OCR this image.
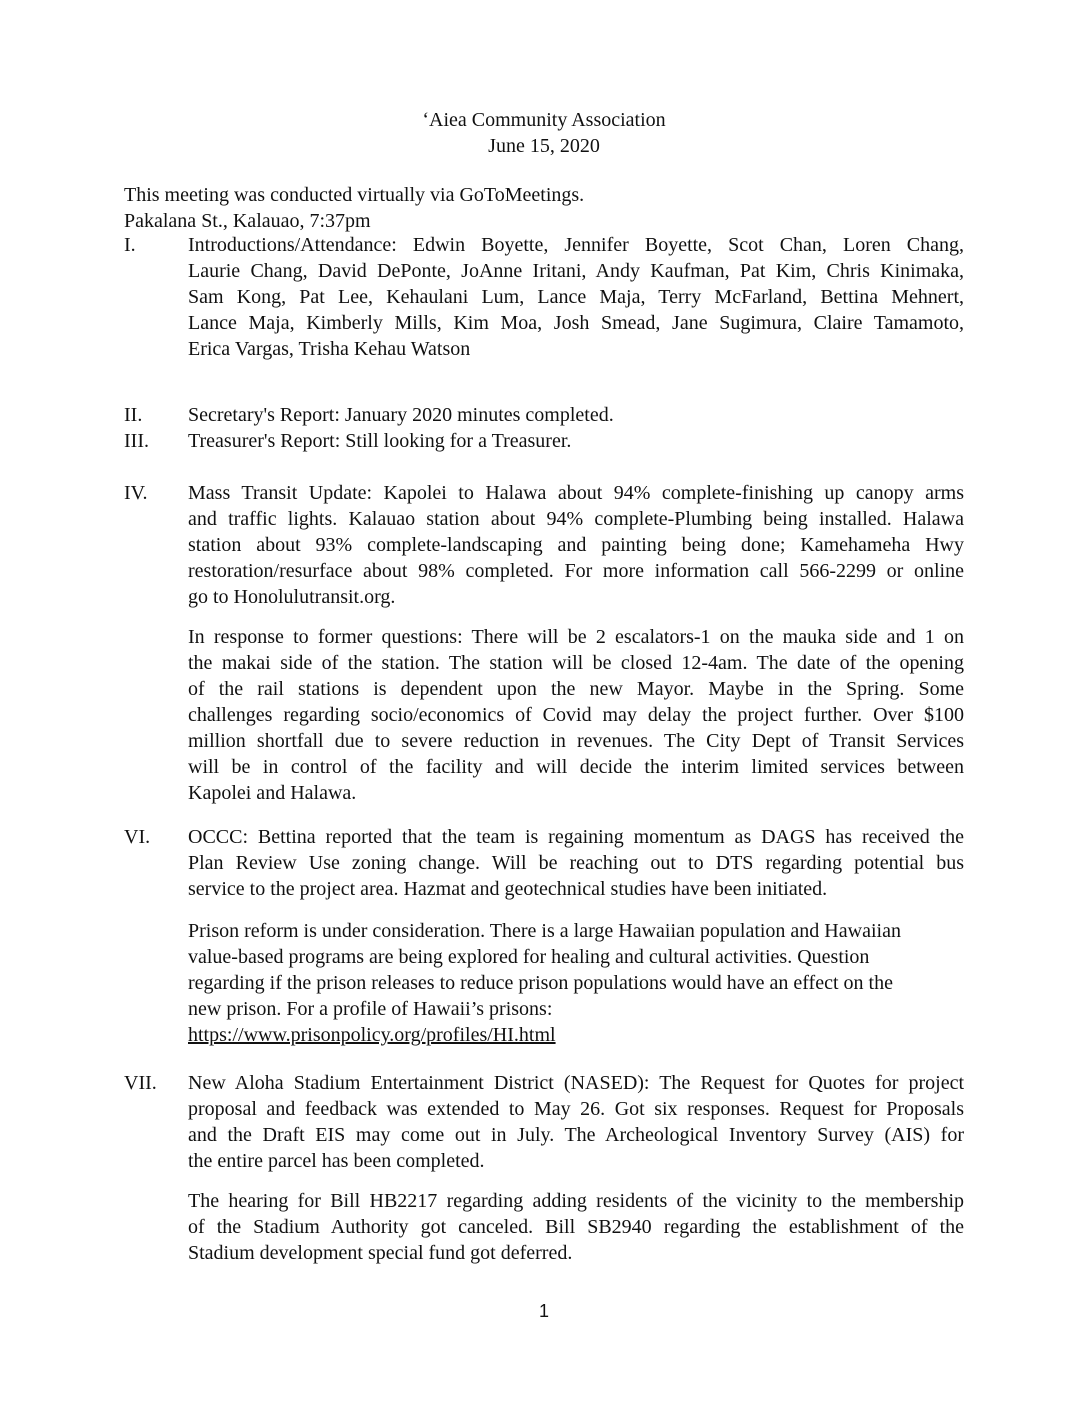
‘Aiea Community Association
June 15, 2020
This meeting was conducted virtually via GoToMeetings.
Pakalana St., Kalauao, 7:37pm
I.	Introductions/Attendance: Edwin Boyette, Jennifer Boyette, Scot Chan, Loren Chang,

Laurie Chang, David DePonte, JoAnne Iritani, Andy Kaufman, Pat Kim, Chris Kinimaka,

Sam Kong, Pat Lee, Kehaulani Lum, Lance Maja, Terry McFarland, Bettina Mehnert,

Lance Maja, Kimberly Mills, Kim Moa, Josh Smead, Jane Sugimura, Claire Tamamoto,

Erica Vargas, Trisha Kehau Watson

II.	Secretary's Report: January 2020 minutes completed.

III.	Treasurer's Report: Still looking for a Treasurer.

IV.	Mass Transit Update: Kapolei to Halawa about 94% complete-finishing up canopy arms

and traffic lights. Kalauao station about 94% complete-Plumbing being installed. Halawa

station about 93% complete-landscaping and painting being done; Kamehameha Hwy

restoration/resurface about 98% completed. For more information call 566-2299 or online

go to Honolulutransit.org.

In response to former questions: There will be 2 escalators-1 on the mauka side and 1 on

the makai side of the station. The station will be closed 12-4am. The date of the opening

of the rail stations is dependent upon the new Mayor. Maybe in the Spring. Some

challenges regarding socio/economics of Covid may delay the project further. Over $100

million shortfall due to severe reduction in revenues. The City Dept of Transit Services

will be in control of the facility and will decide the interim limited services between

Kapolei and Halawa.

VI.	OCCC: Bettina reported that the team is regaining momentum as DAGS has received the

Plan Review Use zoning change. Will be reaching out to DTS regarding potential bus

service to the project area. Hazmat and geotechnical studies have been initiated.

Prison reform is under consideration. There is a large Hawaiian population and Hawaiian

value-based programs are being explored for healing and cultural activities. Question

regarding if the prison releases to reduce prison populations would have an effect on the

new prison. For a profile of Hawaii’s prisons:

https://www.prisonpolicy.org/profiles/HI.html

VII.	New Aloha Stadium Entertainment District (NASED): The Request for Quotes for project

proposal and feedback was extended to May 26. Got six responses. Request for Proposals

and the Draft EIS may come out in July. The Archeological Inventory Survey (AIS) for

the entire parcel has been completed.

The hearing for Bill HB2217 regarding adding residents of the vicinity to the membership

of the Stadium Authority got canceled. Bill SB2940 regarding the establishment of the

Stadium development special fund got deferred.

1
